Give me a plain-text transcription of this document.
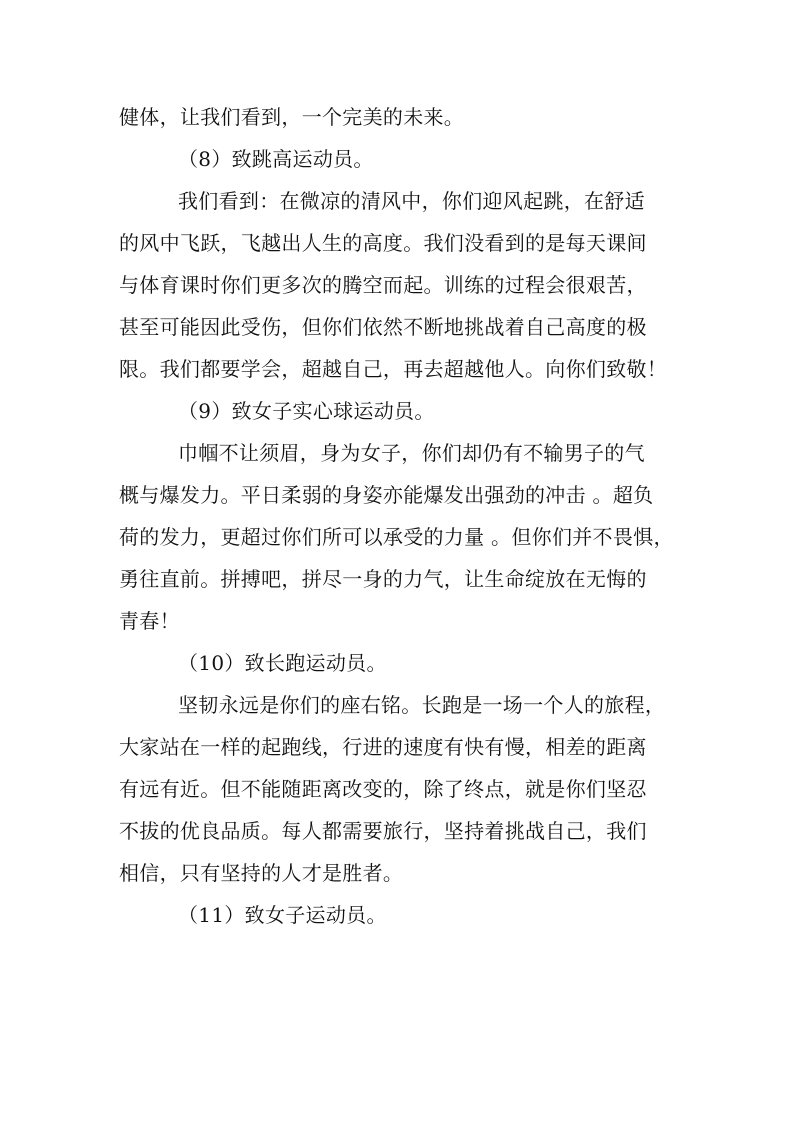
健体，让我们看到，一个完美的未来。
（8）致跳高运动员。
我们看到：在微凉的清风中，你们迎风起跳，在舒适
的风中飞跃，飞越出人生的高度。我们没看到的是每天课间
与体育课时你们更多次的腾空而起。训练的过程会很艰苦，
甚至可能因此受伤，但你们依然不断地挑战着自己高度的极
限。我们都要学会，超越自己，再去超越他人。向你们致敬！
（9）致女子实心球运动员。
巾帼不让须眉，身为女子，你们却仍有不输男子的气
概与爆发力。平日柔弱的身姿亦能爆发出强劲的冲击 。超负
荷的发力，更超过你们所可以承受的力量 。但你们并不畏惧，
勇往直前。拼搏吧，拼尽一身的力气，让生命绽放在无悔的
青春！
（10）致长跑运动员。
坚韧永远是你们的座右铭。长跑是一场一个人的旅程，
大家站在一样的起跑线，行进的速度有快有慢，相差的距离
有远有近。但不能随距离改变的，除了终点，就是你们坚忍
不拔的优良品质。每人都需要旅行，坚持着挑战自己，我们
相信，只有坚持的人才是胜者。
（11）致女子运动员。
